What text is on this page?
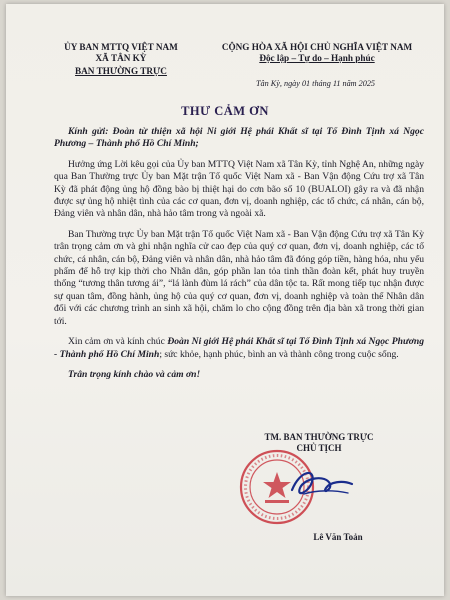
ỦY BAN MTTQ VIỆT NAM
XÃ TÂN KỲ
BAN THƯỜNG TRỰC
CỘNG HÒA XÃ HỘI CHỦ NGHĨA VIỆT NAM
Độc lập – Tự do – Hạnh phúc
Tân Kỳ, ngày 01 tháng 11 năm 2025
THƯ CẢM ƠN

Kính gửi: Đoàn từ thiện xã hội Ni giới Hệ phái Khất sĩ tại Tổ Đình Tịnh xá Ngọc Phương – Thành phố Hồ Chí Minh;

Hưởng ứng Lời kêu gọi của Ủy ban MTTQ Việt Nam xã Tân Kỳ, tỉnh Nghệ An, những ngày qua Ban Thường trực Ủy ban Mặt trận Tổ quốc Việt Nam xã - Ban Vận động Cứu trợ xã Tân Kỳ đã phát động ủng hộ đồng bào bị thiệt hại do cơn bão số 10 (BUALOI) gây ra và đã nhận được sự ủng hộ nhiệt tình của các cơ quan, đơn vị, doanh nghiệp, các tổ chức, cá nhân, cán bộ, Đảng viên và nhân dân, nhà hảo tâm trong và ngoài xã.

Ban Thường trực Ủy ban Mặt trận Tổ quốc Việt Nam xã - Ban Vận động Cứu trợ xã Tân Kỳ trân trọng cảm ơn và ghi nhận nghĩa cử cao đẹp của quý cơ quan, đơn vị, doanh nghiệp, các tổ chức, cá nhân, cán bộ, Đảng viên và nhân dân, nhà hảo tâm đã đóng góp tiền, hàng hóa, nhu yếu phẩm để hỗ trợ kịp thời cho Nhân dân, góp phần lan tỏa tinh thần đoàn kết, phát huy truyền thống “tương thân tương ái”, “lá lành đùm lá rách” của dân tộc ta. Rất mong tiếp tục nhận được sự quan tâm, đồng hành, ủng hộ của quý cơ quan, đơn vị, doanh nghiệp và toàn thể Nhân dân đối với các chương trình an sinh xã hội, chăm lo cho cộng đồng trên địa bàn xã trong thời gian tới.

Xin cảm ơn và kính chúc Đoàn Ni giới Hệ phái Khất sĩ tại Tổ Đình Tịnh xá Ngọc Phương - Thành phố Hồ Chí Minh; sức khỏe, hạnh phúc, bình an và thành công trong cuộc sống.

Trân trọng kính chào và cảm ơn!

TM. BAN THƯỜNG TRỰC
CHỦ TỊCH
Lê Văn Toản
